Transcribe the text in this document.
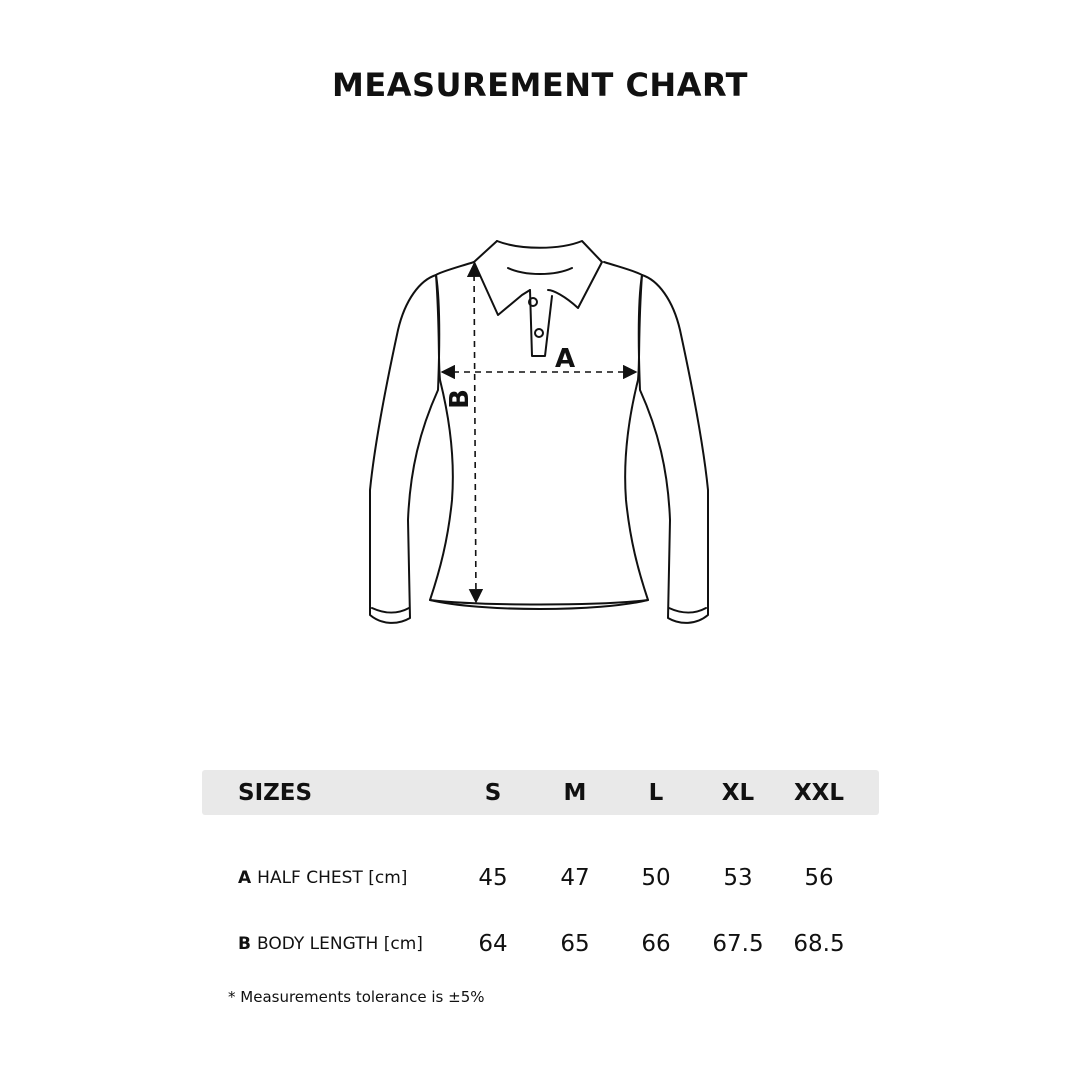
MEASUREMENT CHART
A
B
SIZES	S	M	L	XL	XXL
A HALF CHEST [cm]	45	47	50	53	56
B BODY LENGTH [cm]	64	65	66	67.5	68.5
* Measurements tolerance is ±5%
